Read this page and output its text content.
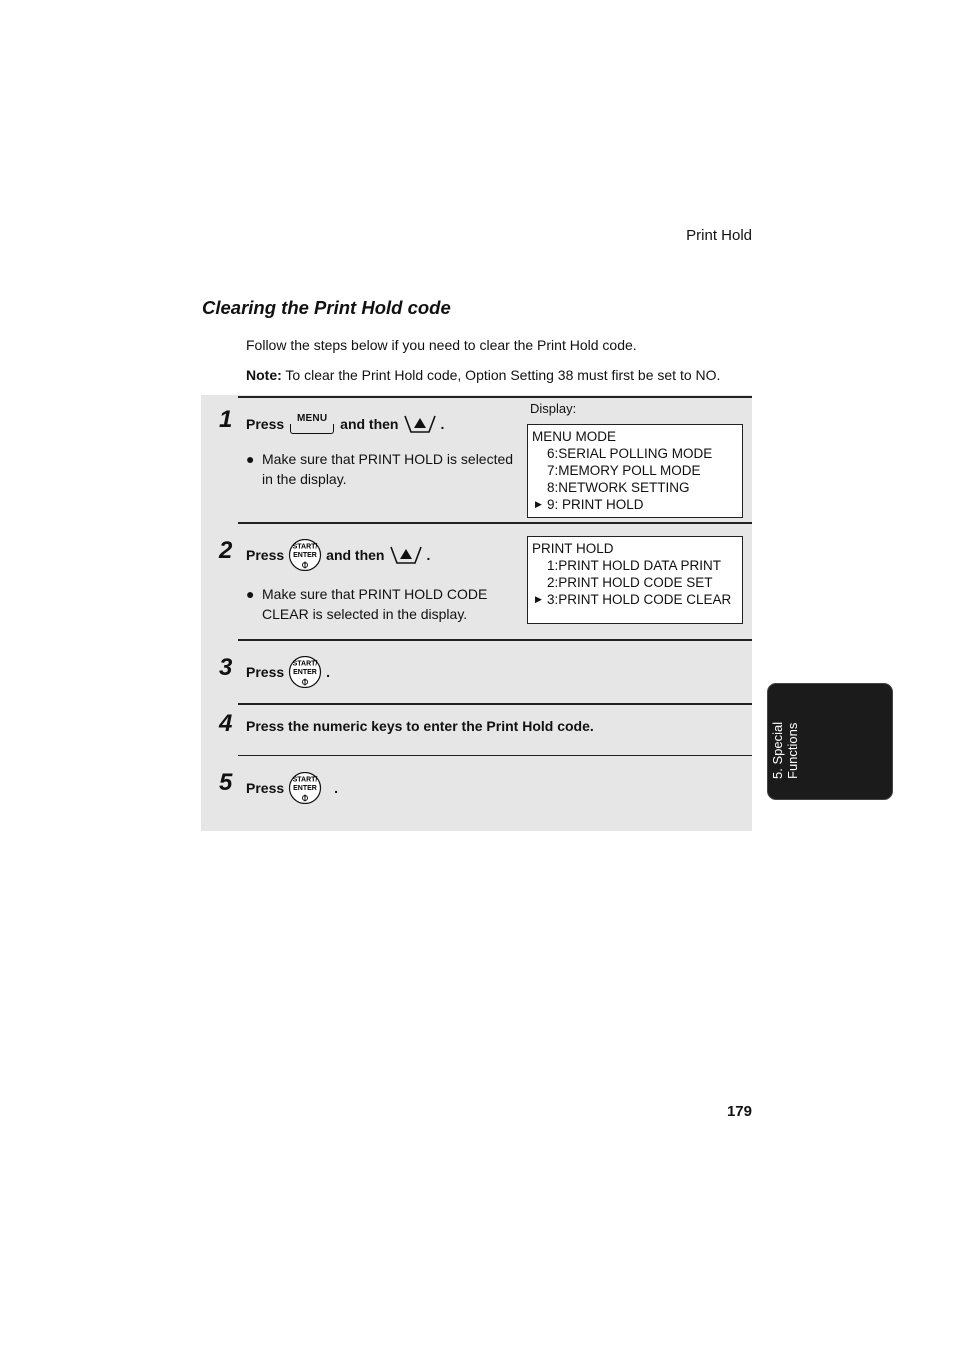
Print Hold
Clearing the Print Hold code
Follow the steps below if you need to clear the Print Hold code.
Note: To clear the Print Hold code, Option Setting 38 must first be set to NO.
Display:
1 Press MENU and then	.
● Make sure that PRINT HOLD is selected in the display.
MENU MODE
6:SERIAL POLLING MODE
7:MEMORY POLL MODE
8:NETWORK SETTING
▶ 9: PRINT HOLD
2 Press START/
ENTER and then	.
● Make sure that PRINT HOLD CODE CLEAR is selected in the display.
PRINT HOLD
1:PRINT HOLD DATA PRINT
2:PRINT HOLD CODE SET
▶ 3:PRINT HOLD CODE CLEAR
3 Press START/
ENTER .
4 Press the numeric keys to enter the Print Hold code.
5 Press START/
ENTER .
5. Special Functions
179
